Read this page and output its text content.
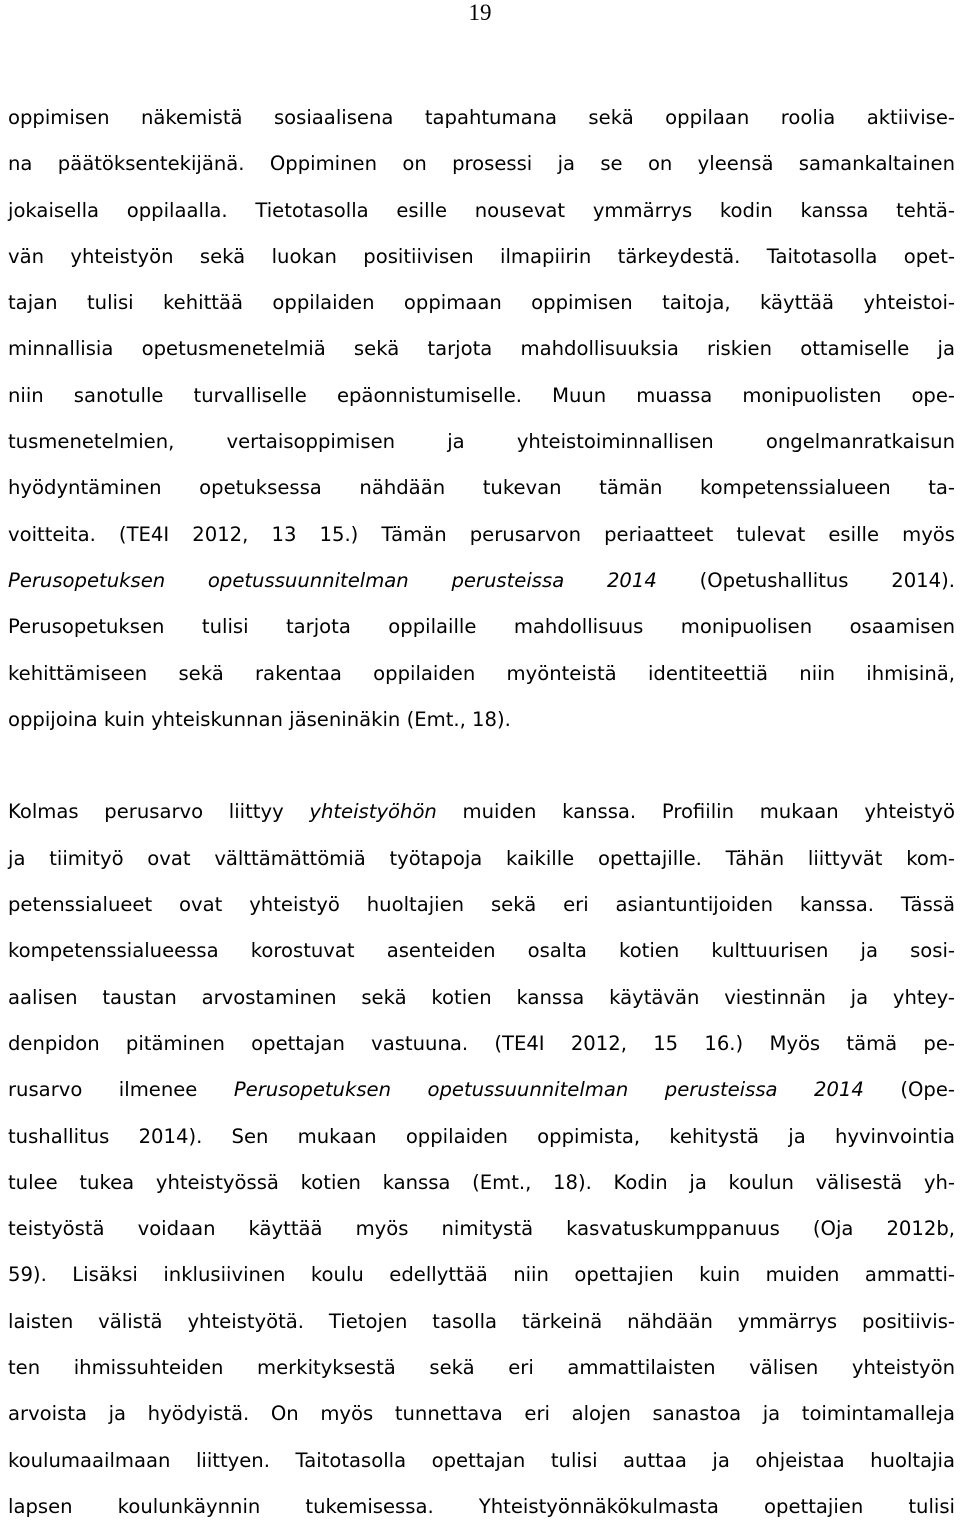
19
oppimisen näkemistä sosiaalisena tapahtumana sekä oppilaan roolia aktiivise-
na päätöksentekijänä. Oppiminen on prosessi ja se on yleensä samankaltainen
jokaisella oppilaalla. Tietotasolla esille nousevat ymmärrys kodin kanssa tehtä-
vän yhteistyön sekä luokan positiivisen ilmapiirin tärkeydestä. Taitotasolla opet-
tajan tulisi kehittää oppilaiden oppimaan oppimisen taitoja, käyttää yhteistoi-
minnallisia opetusmenetelmiä sekä tarjota mahdollisuuksia riskien ottamiselle ja
niin sanotulle turvalliselle epäonnistumiselle. Muun muassa monipuolisten ope-
tusmenetelmien, vertaisoppimisen ja yhteistoiminnallisen ongelmanratkaisun
hyödyntäminen opetuksessa nähdään tukevan tämän kompetenssialueen ta-
voitteita. (TE4I 2012, 13 15.) Tämän perusarvon periaatteet tulevat esille myös
Perusopetuksen opetussuunnitelman perusteissa 2014 (Opetushallitus 2014).
Perusopetuksen tulisi tarjota oppilaille mahdollisuus monipuolisen osaamisen
kehittämiseen sekä rakentaa oppilaiden myönteistä identiteettiä niin ihmisinä,
oppijoina kuin yhteiskunnan jäseninäkin (Emt., 18).
Kolmas perusarvo liittyy yhteistyöhön muiden kanssa. Profiilin mukaan yhteistyö
ja tiimityö ovat välttämättömiä työtapoja kaikille opettajille. Tähän liittyvät kom-
petenssialueet ovat yhteistyö huoltajien sekä eri asiantuntijoiden kanssa. Tässä
kompetenssialueessa korostuvat asenteiden osalta kotien kulttuurisen ja sosi-
aalisen taustan arvostaminen sekä kotien kanssa käytävän viestinnän ja yhtey-
denpidon pitäminen opettajan vastuuna. (TE4I 2012, 15 16.) Myös tämä pe-
rusarvo ilmenee Perusopetuksen opetussuunnitelman perusteissa 2014 (Ope-
tushallitus 2014). Sen mukaan oppilaiden oppimista, kehitystä ja hyvinvointia
tulee tukea yhteistyössä kotien kanssa (Emt., 18). Kodin ja koulun välisestä yh-
teistyöstä voidaan käyttää myös nimitystä kasvatuskumppanuus (Oja 2012b,
59). Lisäksi inklusiivinen koulu edellyttää niin opettajien kuin muiden ammatti-
laisten välistä yhteistyötä. Tietojen tasolla tärkeinä nähdään ymmärrys positiivis-
ten ihmissuhteiden merkityksestä sekä eri ammattilaisten välisen yhteistyön
arvoista ja hyödyistä. On myös tunnettava eri alojen sanastoa ja toimintamalleja
koulumaailmaan liittyen. Taitotasolla opettajan tulisi auttaa ja ohjeistaa huoltajia
lapsen koulunkäynnin tukemisessa. Yhteistyönnäkökulmasta opettajien tulisi
